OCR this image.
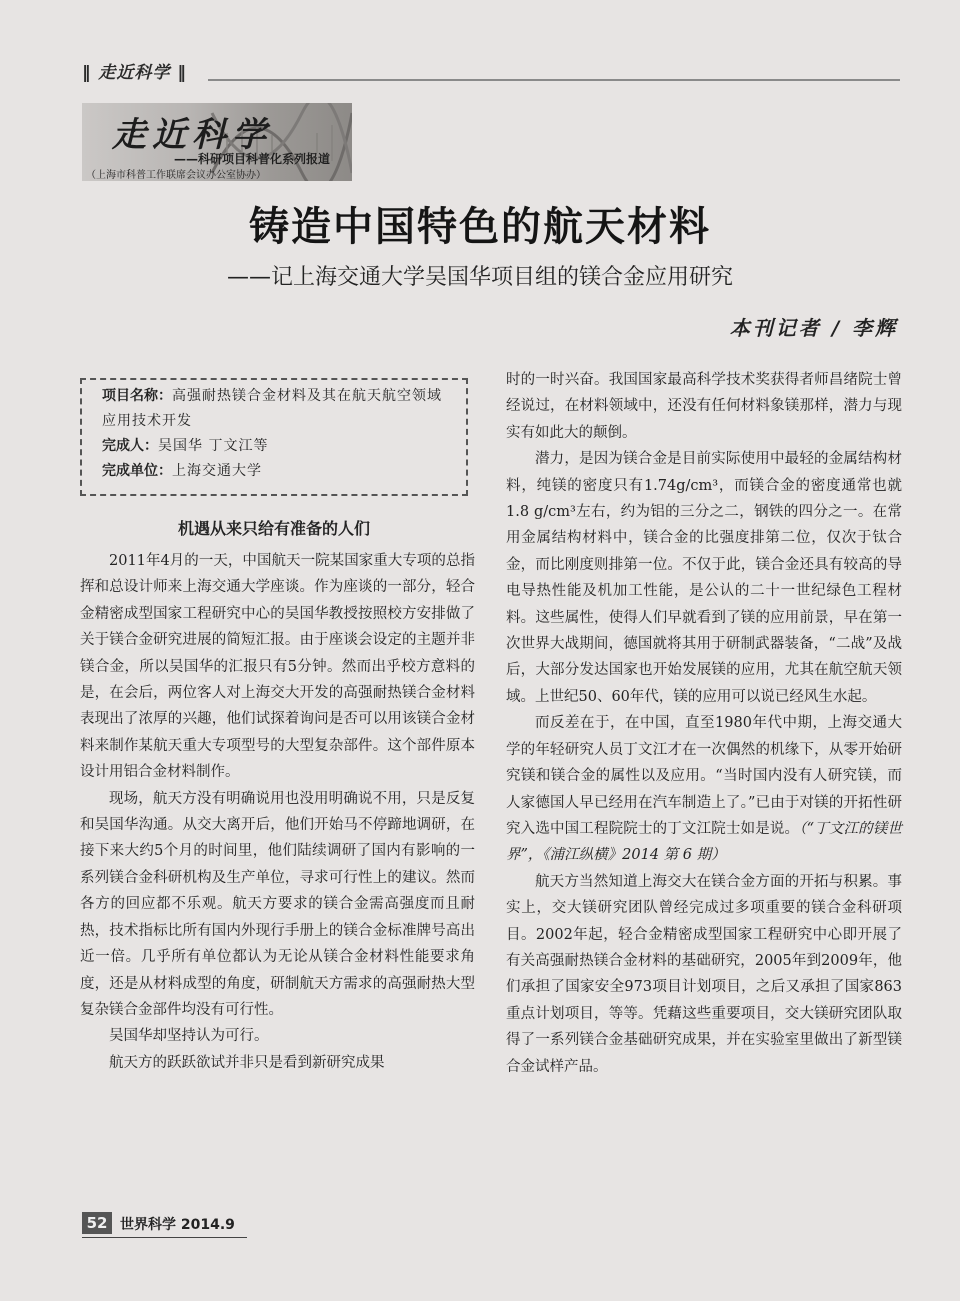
‖ 走近科学 ‖
走近科学
——科研项目科普化系列报道
（上海市科普工作联席会议办公室协办）
铸造中国特色的航天材料
——记上海交通大学吴国华项目组的镁合金应用研究
本刊记者 / 李辉
项目名称：高强耐热镁合金材料及其在航天航空领域应用技术开发
完成人：吴国华 丁文江等
完成单位：上海交通大学
机遇从来只给有准备的人们

2011年4月的一天，中国航天一院某国家重大专项的总指挥和总设计师来上海交通大学座谈。作为座谈的一部分，轻合金精密成型国家工程研究中心的吴国华教授按照校方安排做了关于镁合金研究进展的简短汇报。由于座谈会设定的主题并非镁合金，所以吴国华的汇报只有5分钟。然而出乎校方意料的是，在会后，两位客人对上海交大开发的高强耐热镁合金材料表现出了浓厚的兴趣，他们试探着询问是否可以用该镁合金材料来制作某航天重大专项型号的大型复杂部件。这个部件原本设计用铝合金材料制作。

现场，航天方没有明确说用也没用明确说不用，只是反复和吴国华沟通。从交大离开后，他们开始马不停蹄地调研，在接下来大约5个月的时间里，他们陆续调研了国内有影响的一系列镁合金科研机构及生产单位，寻求可行性上的建议。然而各方的回应都不乐观。航天方要求的镁合金需高强度而且耐热，技术指标比所有国内外现行手册上的镁合金标准牌号高出近一倍。几乎所有单位都认为无论从镁合金材料性能要求角度，还是从材料成型的角度，研制航天方需求的高强耐热大型复杂镁合金部件均没有可行性。

吴国华却坚持认为可行。

航天方的跃跃欲试并非只是看到新研究成果

时的一时兴奋。我国国家最高科学技术奖获得者师昌绪院士曾经说过，在材料领域中，还没有任何材料象镁那样，潜力与现实有如此大的颠倒。

潜力，是因为镁合金是目前实际使用中最轻的金属结构材料，纯镁的密度只有1.74g/cm³，而镁合金的密度通常也就1.8 g/cm³左右，约为铝的三分之二，钢铁的四分之一。在常用金属结构材料中，镁合金的比强度排第二位，仅次于钛合金，而比刚度则排第一位。不仅于此，镁合金还具有较高的导电导热性能及机加工性能，是公认的二十一世纪绿色工程材料。这些属性，使得人们早就看到了镁的应用前景，早在第一次世界大战期间，德国就将其用于研制武器装备，“二战”及战后，大部分发达国家也开始发展镁的应用，尤其在航空航天领域。上世纪50、60年代，镁的应用可以说已经风生水起。

而反差在于，在中国，直至1980年代中期，上海交通大学的年轻研究人员丁文江才在一次偶然的机缘下，从零开始研究镁和镁合金的属性以及应用。“当时国内没有人研究镁，而人家德国人早已经用在汽车制造上了。”已由于对镁的开拓性研究入选中国工程院院士的丁文江院士如是说。（“丁文江的镁世界”，《浦江纵横》2014 第 6 期）

航天方当然知道上海交大在镁合金方面的开拓与积累。事实上，交大镁研究团队曾经完成过多项重要的镁合金科研项目。2002年起，轻合金精密成型国家工程研究中心即开展了有关高强耐热镁合金材料的基础研究，2005年到2009年，他们承担了国家安全973项目计划项目，之后又承担了国家863重点计划项目，等等。凭藉这些重要项目，交大镁研究团队取得了一系列镁合金基础研究成果，并在实验室里做出了新型镁合金试样产品。

52 世界科学 2014.9
